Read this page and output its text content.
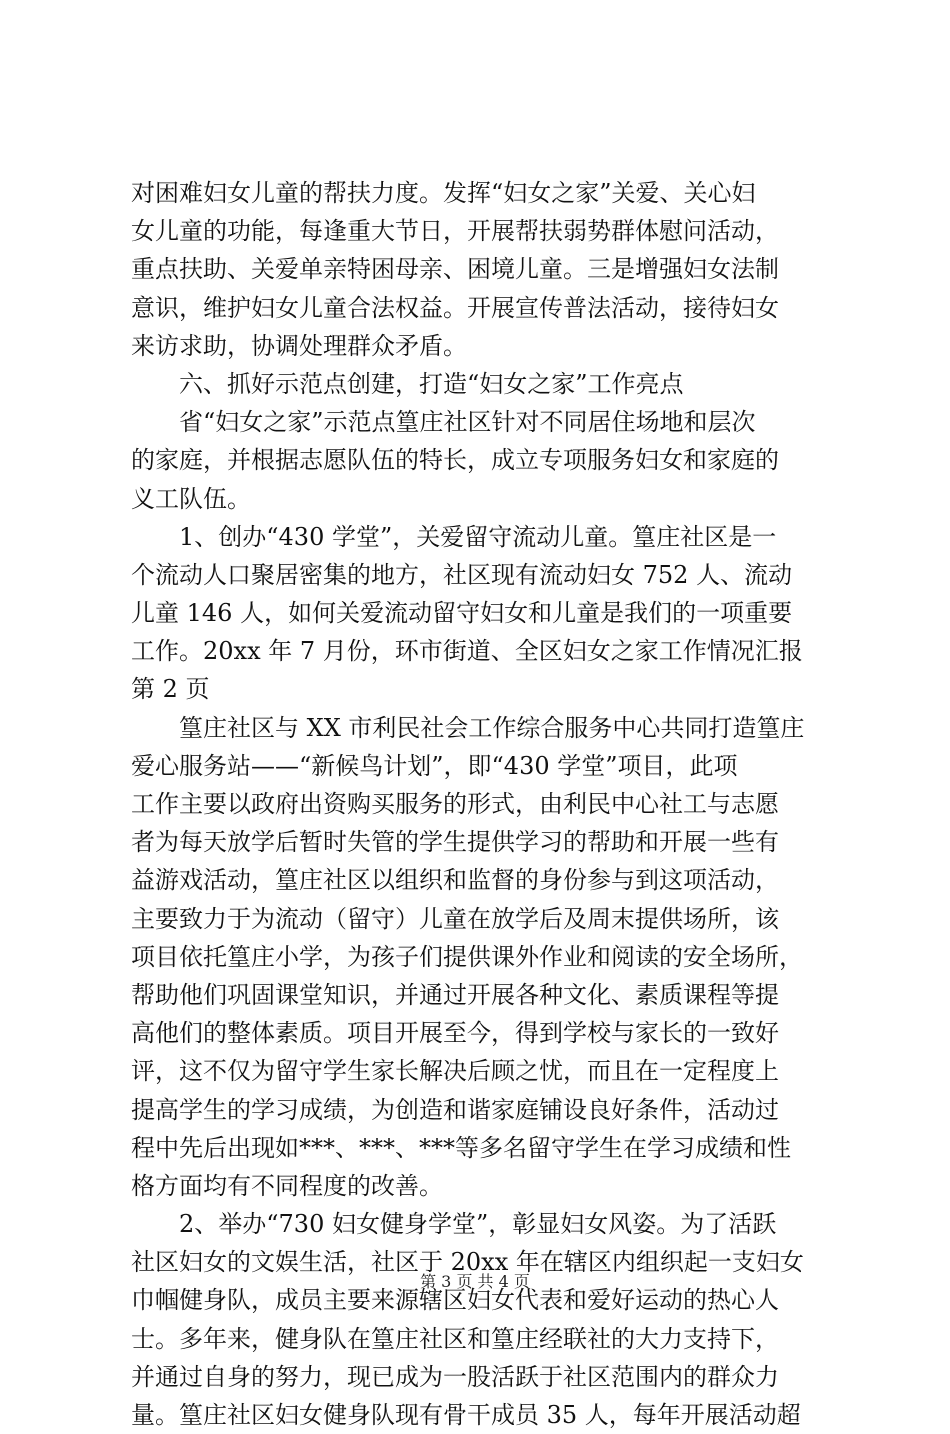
对困难妇女儿童的帮扶力度。发挥“妇女之家”关爱、关心妇
女儿童的功能，每逢重大节日，开展帮扶弱势群体慰问活动，
重点扶助、关爱单亲特困母亲、困境儿童。三是增强妇女法制
意识，维护妇女儿童合法权益。开展宣传普法活动，接待妇女
来访求助，协调处理群众矛盾。
六、抓好示范点创建，打造“妇女之家”工作亮点
省“妇女之家”示范点篁庄社区针对不同居住场地和层次
的家庭，并根据志愿队伍的特长，成立专项服务妇女和家庭的
义工队伍。
1、创办“430 学堂”，关爱留守流动儿童。篁庄社区是一
个流动人口聚居密集的地方，社区现有流动妇女 752 人、流动
儿童 146 人，如何关爱流动留守妇女和儿童是我们的一项重要
工作。20xx 年 7 月份，环市街道、全区妇女之家工作情况汇报
第 2 页
篁庄社区与 XX 市利民社会工作综合服务中心共同打造篁庄
爱心服务站——“新候鸟计划”，即“430 学堂”项目，此项
工作主要以政府出资购买服务的形式，由利民中心社工与志愿
者为每天放学后暂时失管的学生提供学习的帮助和开展一些有
益游戏活动，篁庄社区以组织和监督的身份参与到这项活动，
主要致力于为流动（留守）儿童在放学后及周末提供场所，该
项目依托篁庄小学，为孩子们提供课外作业和阅读的安全场所，
帮助他们巩固课堂知识，并通过开展各种文化、素质课程等提
高他们的整体素质。项目开展至今，得到学校与家长的一致好
评，这不仅为留守学生家长解决后顾之忧，而且在一定程度上
提高学生的学习成绩，为创造和谐家庭铺设良好条件，活动过
程中先后出现如***、***、***等多名留守学生在学习成绩和性
格方面均有不同程度的改善。
2、举办“730 妇女健身学堂”，彰显妇女风姿。为了活跃
社区妇女的文娱生活，社区于 20xx 年在辖区内组织起一支妇女
巾帼健身队，成员主要来源辖区妇女代表和爱好运动的热心人
士。多年来，健身队在篁庄社区和篁庄经联社的大力支持下，
并通过自身的努力，现已成为一股活跃于社区范围内的群众力
量。篁庄社区妇女健身队现有骨干成员 35 人，每年开展活动超
第 3 页 共 4 页
